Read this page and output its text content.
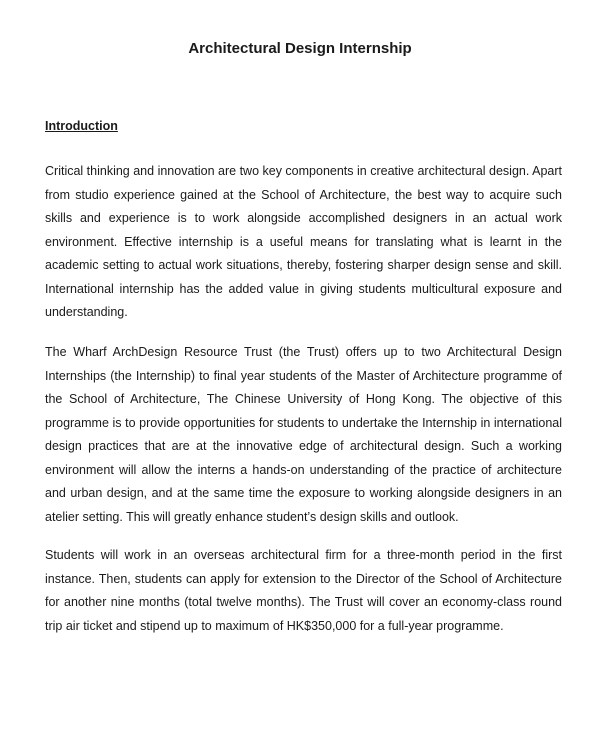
Architectural Design Internship
Introduction

Critical thinking and innovation are two key components in creative architectural design. Apart from studio experience gained at the School of Architecture, the best way to acquire such skills and experience is to work alongside accomplished designers in an actual work environment. Effective internship is a useful means for translating what is learnt in the academic setting to actual work situations, thereby, fostering sharper design sense and skill. International internship has the added value in giving students multicultural exposure and understanding.

The Wharf ArchDesign Resource Trust (the Trust) offers up to two Architectural Design Internships (the Internship) to final year students of the Master of Architecture programme of the School of Architecture, The Chinese University of Hong Kong. The objective of this programme is to provide opportunities for students to undertake the Internship in international design practices that are at the innovative edge of architectural design. Such a working environment will allow the interns a hands-on understanding of the practice of architecture and urban design, and at the same time the exposure to working alongside designers in an atelier setting. This will greatly enhance student’s design skills and outlook.

Students will work in an overseas architectural firm for a three-month period in the first instance. Then, students can apply for extension to the Director of the School of Architecture for another nine months (total twelve months). The Trust will cover an economy-class round trip air ticket and stipend up to maximum of HK$350,000 for a full-year programme.
